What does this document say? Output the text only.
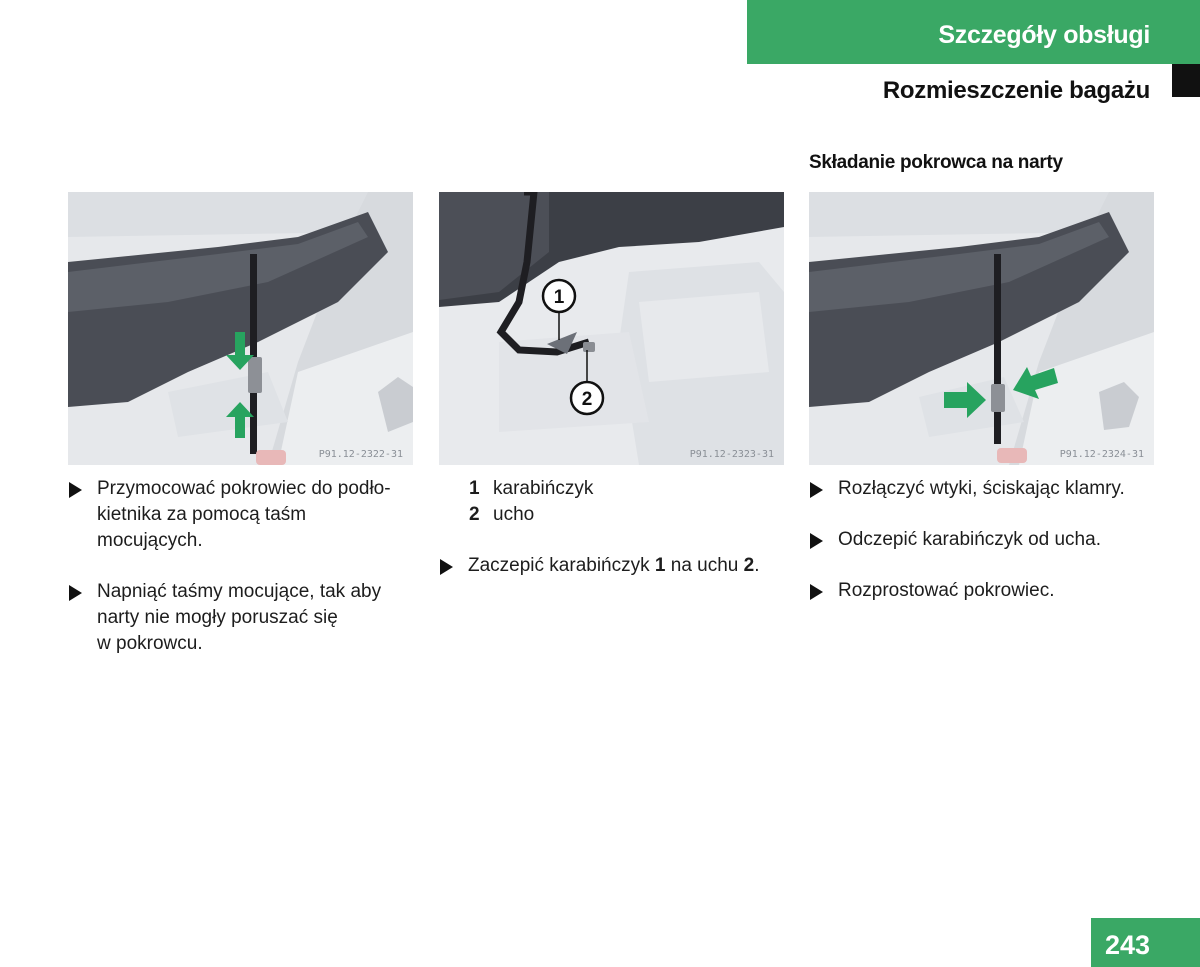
Szczegóły obsługi
Rozmieszczenie bagażu
Składanie pokrowca na narty
P91.12-2322-31
1
2
P91.12-2323-31	P91.12-2324-31
Przymocować pokrowiec do podło-
kietnika za pomocą taśm
mocujących.
Napniąć taśmy mocujące, tak aby
narty nie mogły poruszać się
w pokrowcu.
1 karabińczyk
2 ucho
Zaczepić karabińczyk 1 na uchu 2.
Rozłączyć wtyki, ściskając klamry.
Odczepić karabińczyk od ucha.
Rozprostować pokrowiec.
243
